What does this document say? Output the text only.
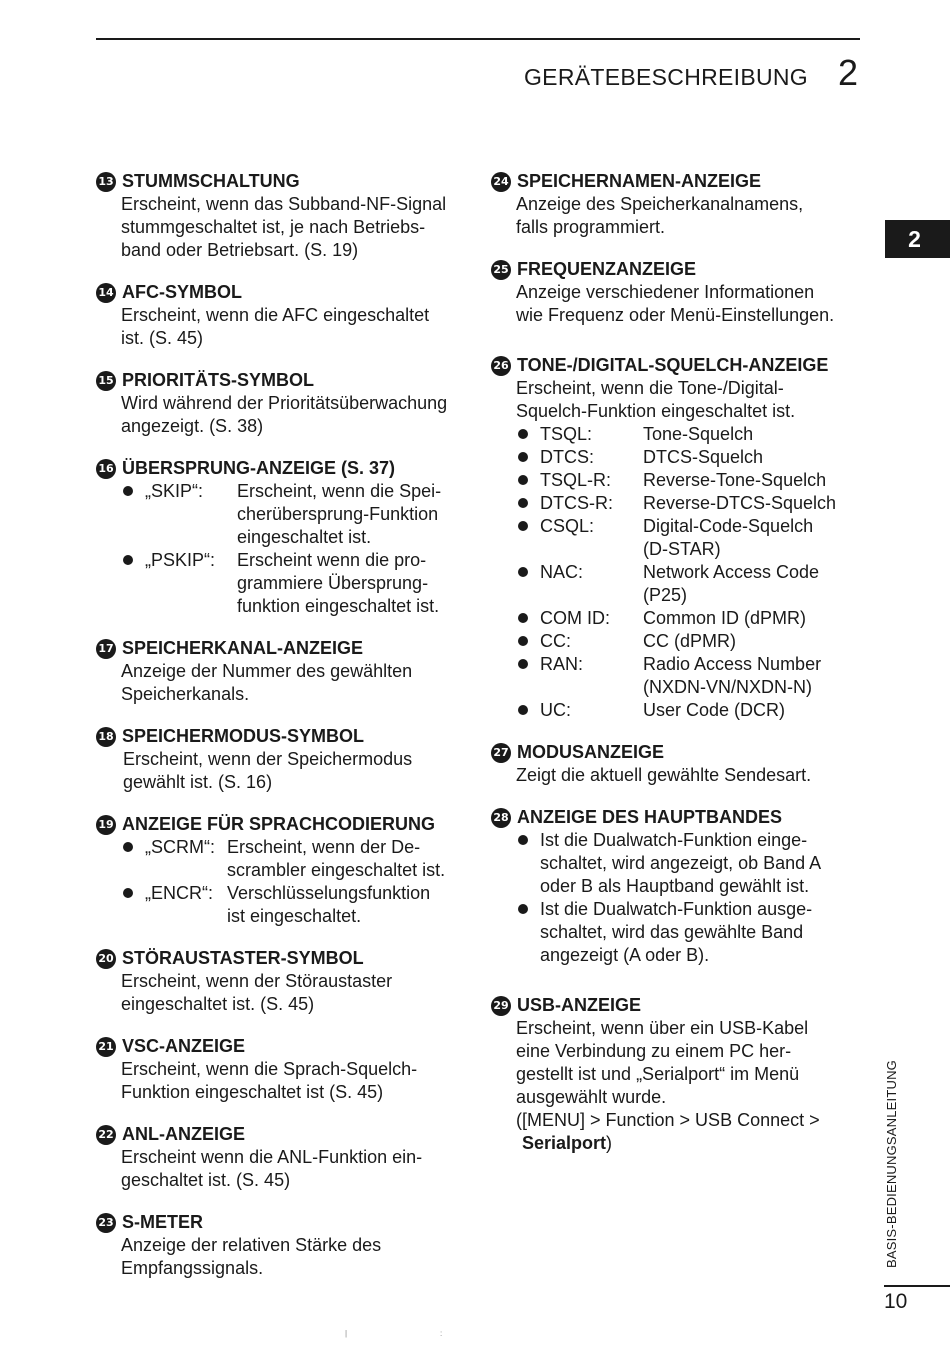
GERÄTEBESCHREIBUNG 2
2
BASIS-BEDIENUNGSANLEITUNG
10
|	:
13 STUMMSCHALTUNG
Erscheint, wenn das Subband-NF-Signal
stummgeschaltet ist, je nach Betriebs-
band oder Betriebsart. (S. 19)
14 AFC-SYMBOL
Erscheint, wenn die AFC eingeschaltet
ist. (S. 45)
15 PRIORITÄTS-SYMBOL
Wird während der Prioritätsüberwachung
angezeigt. (S. 38)
16 ÜBERSPRUNG-ANZEIGE (S. 37)
„SKIP“:	Erscheint, wenn die Spei-
cherübersprung-Funktion
eingeschaltet ist.
„PSKIP“:	Erscheint wenn die pro-
grammiere Übersprung-
funktion eingeschaltet ist.
17 SPEICHERKANAL-ANZEIGE
Anzeige der Nummer des gewählten
Speicherkanals.
18 SPEICHERMODUS-SYMBOL
Erscheint, wenn der Speichermodus
gewählt ist. (S. 16)
19 ANZEIGE FÜR SPRACHCODIERUNG
„SCRM“: Erscheint, wenn der De-
scrambler eingeschaltet ist.
„ENCR“: Verschlüsselungsfunktion
ist eingeschaltet.
20 STÖRAUSTASTER-SYMBOL
Erscheint, wenn der Störaustaster
eingeschaltet ist. (S. 45)
21 VSC-ANZEIGE
Erscheint, wenn die Sprach-Squelch-
Funktion eingeschaltet ist (S. 45)
22 ANL-ANZEIGE
Erscheint wenn die ANL-Funktion ein-
geschaltet ist. (S. 45)
23 S-METER
Anzeige der relativen Stärke des
Empfangssignals.
24 SPEICHERNAMEN-ANZEIGE
Anzeige des Speicherkanalnamens,
falls programmiert.
25 FREQUENZANZEIGE
Anzeige verschiedener Informationen
wie Frequenz oder Menü-Einstellungen.
26 TONE-/DIGITAL-SQUELCH-ANZEIGE
Erscheint, wenn die Tone-/Digital-
Squelch-Funktion eingeschaltet ist.
TSQL:	Tone-Squelch
DTCS:	DTCS-Squelch
TSQL-R:	Reverse-Tone-Squelch
DTCS-R:	Reverse-DTCS-Squelch
CSQL:	Digital-Code-Squelch
(D-STAR)
NAC:	Network Access Code
(P25)
COM ID:	Common ID (dPMR)
CC:	CC (dPMR)
RAN:	Radio Access Number
(NXDN-VN/NXDN-N)
UC:	User Code (DCR)
27 MODUSANZEIGE
Zeigt die aktuell gewählte Sendesart.
28 ANZEIGE DES HAUPTBANDES
Ist die Dualwatch-Funktion einge-
schaltet, wird angezeigt, ob Band A
oder B als Hauptband gewählt ist.
Ist die Dualwatch-Funktion ausge-
schaltet, wird das gewählte Band
angezeigt (A oder B).
29 USB-ANZEIGE
Erscheint, wenn über ein USB-Kabel
eine Verbindung zu einem PC her-
gestellt ist und „Serialport“ im Menü
ausgewählt wurde.
([MENU] > Function > USB Connect >
Serialport)
